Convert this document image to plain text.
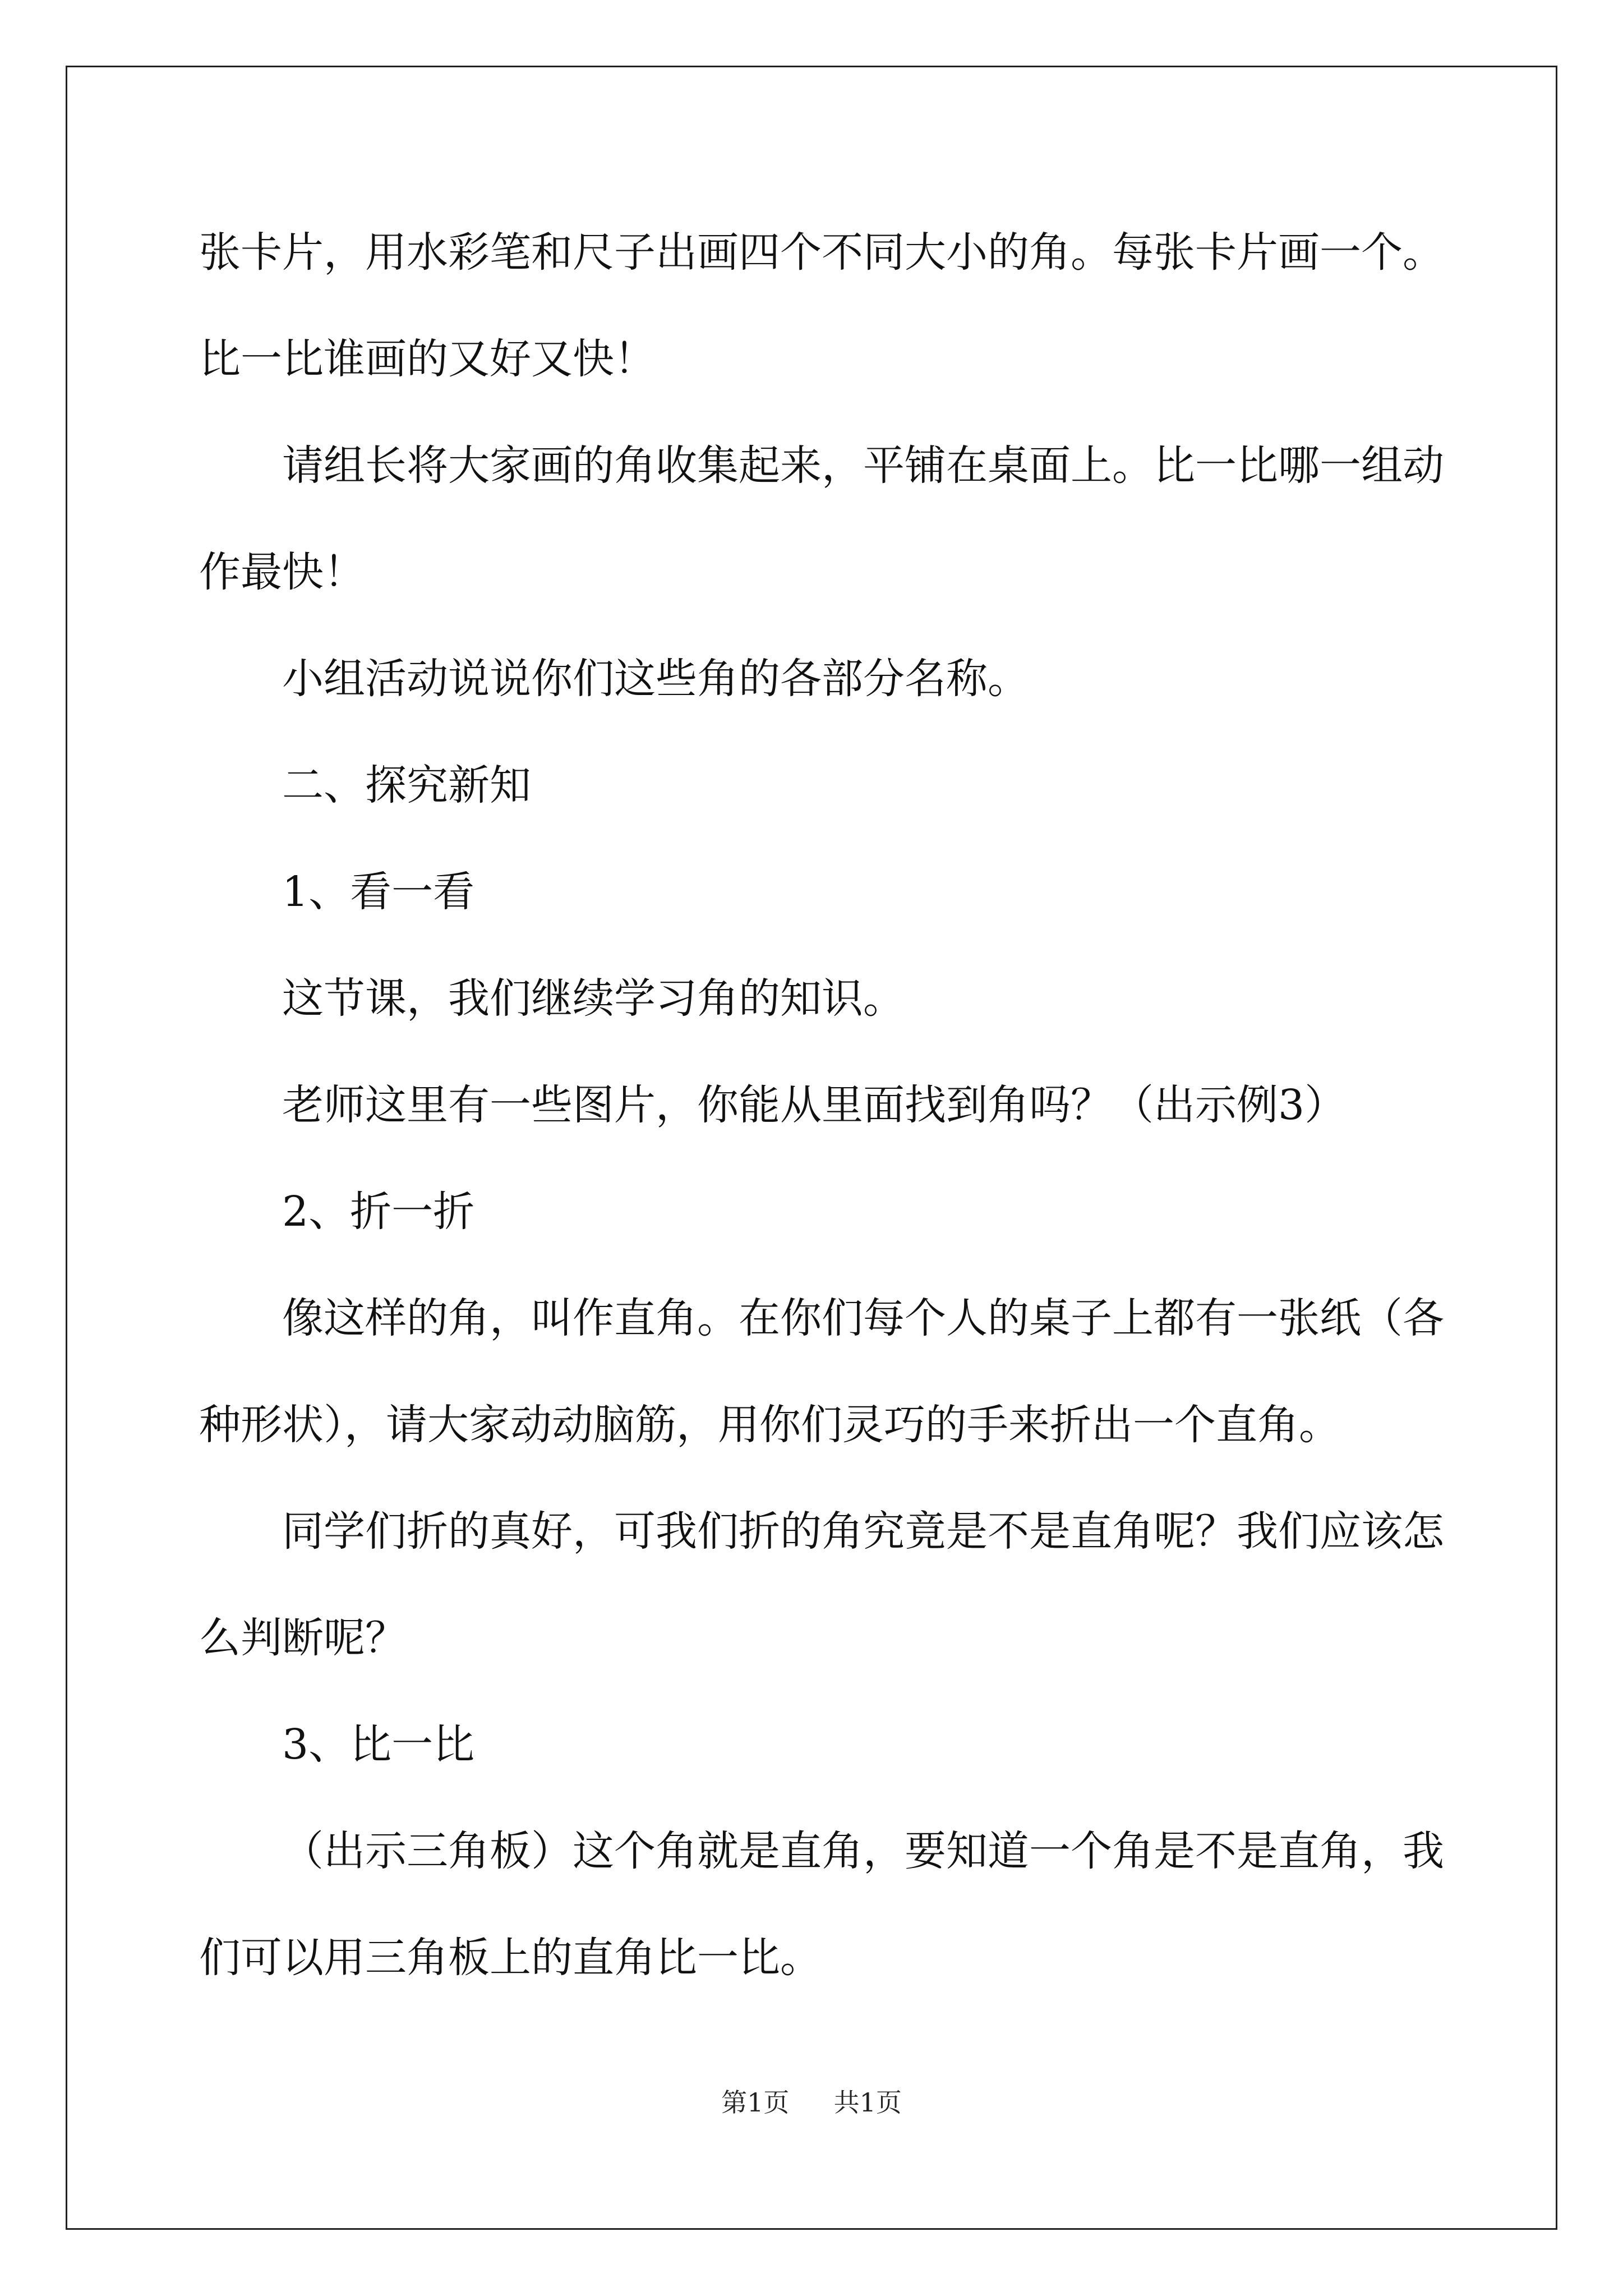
张卡片，用水彩笔和尺子出画四个不同大小的角。每张卡片画一个。
比一比谁画的又好又快！
请组长将大家画的角收集起来，平铺在桌面上。比一比哪一组动
作最快！
小组活动说说你们这些角的各部分名称。
二、探究新知
1、看一看
这节课，我们继续学习角的知识。
老师这里有一些图片，你能从里面找到角吗？（出示例3）
2、折一折
像这样的角，叫作直角。在你们每个人的桌子上都有一张纸（各
种形状），请大家动动脑筋，用你们灵巧的手来折出一个直角。
同学们折的真好，可我们折的角究竟是不是直角呢？我们应该怎
么判断呢？
3、比一比
（出示三角板）这个角就是直角，要知道一个角是不是直角，我
们可以用三角板上的直角比一比。
第1页 共1页
